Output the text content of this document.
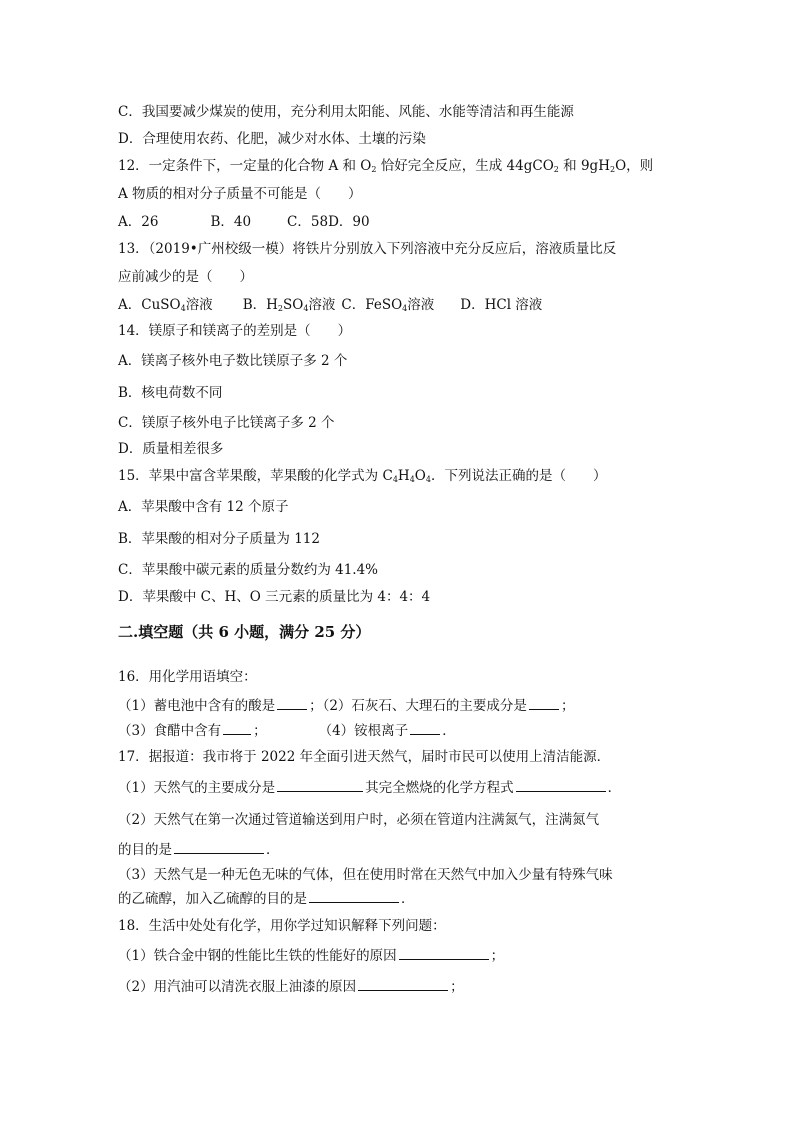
C．我国要减少煤炭的使用，充分利用太阳能、风能、水能等清洁和再生能源
D．合理使用农药、化肥，减少对水体、土壤的污染
12．一定条件下，一定量的化合物 A 和 $O_2$ 恰好完全反应，生成 44gCO$_2$ 和 $9gH_2O$，则
A 物质的相对分子质量不可能是（　　）
A．26	B．40	C．58D．90
13．（2019•广州校级一模）将铁片分别放入下列溶液中充分反应后，溶液质量比反
应前减少的是（　　）
A．CuSO$_4$溶液 B．$H_2SO_4$溶液 C．FeSO$_4$溶液 D．HCl 溶液
14．镁原子和镁离子的差别是（　　）
A．镁离子核外电子数比镁原子多 2 个
B．核电荷数不同
C．镁原子核外电子比镁离子多 2 个
D．质量相差很多
15．苹果中富含苹果酸，苹果酸的化学式为 $C_4H_4O_4$．下列说法正确的是（　　）
A．苹果酸中含有 12 个原子
B．苹果酸的相对分子质量为 112
C．苹果酸中碳元素的质量分数约为 41.4%
D．苹果酸中 C、H、O 三元素的质量比为 4：4：4
二.填空题（共 6 小题，满分 25 分）
16．用化学用语填空：
（1）蓄电池中含有的酸是	；（2）石灰石、大理石的主要成分是	；
（3）食醋中含有 ；	（4）铵根离子	．
17．据报道：我市将于 2022 年全面引进天然气，届时市民可以使用上清洁能源．
（1）天然气的主要成分是	其完全燃烧的化学方程式	．
（2）天然气在第一次通过管道输送到用户时，必须在管道内注满氮气，注满氮气
的目的是	．
（3）天然气是一种无色无味的气体，但在使用时常在天然气中加入少量有特殊气味
的乙硫醇，加入乙硫醇的目的是	．
18．生活中处处有化学，用你学过知识解释下列问题：
（1）铁合金中钢的性能比生铁的性能好的原因	；
（2）用汽油可以清洗衣服上油漆的原因	；
